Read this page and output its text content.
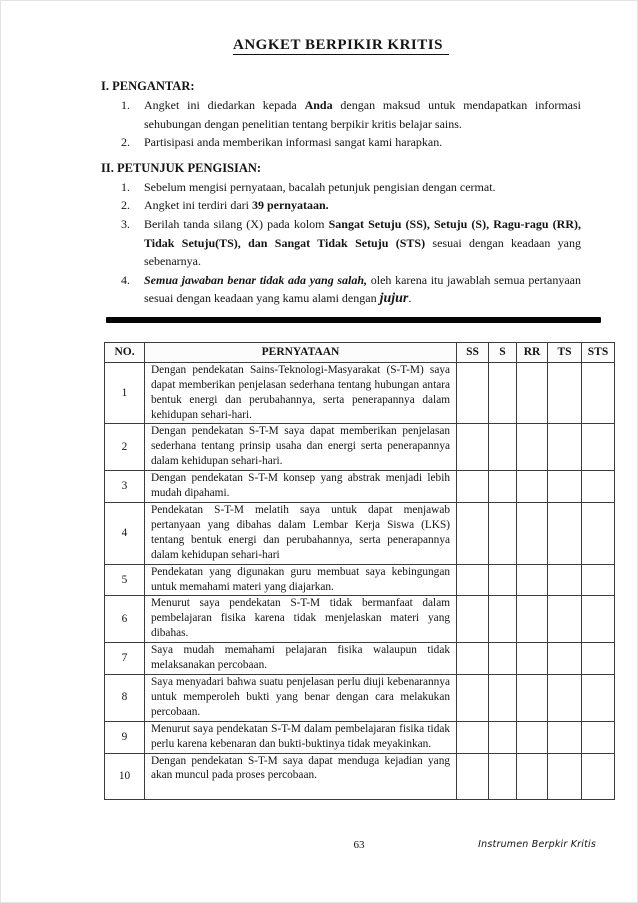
ANGKET BERPIKIR KRITIS
I. PENGANTAR:
1.	Angket ini diedarkan kepada Anda dengan maksud untuk mendapatkan informasi sehubungan dengan penelitian tentang berpikir kritis belajar sains.
2.	Partisipasi anda memberikan informasi sangat kami harapkan.
II. PETUNJUK PENGISIAN:
1.	Sebelum mengisi pernyataan, bacalah petunjuk pengisian dengan cermat.
2.	Angket ini terdiri dari 39 pernyataan.
3.	Berilah tanda silang (X) pada kolom Sangat Setuju (SS), Setuju (S), Ragu-ragu (RR), Tidak Setuju(TS), dan Sangat Tidak Setuju (STS) sesuai dengan keadaan yang sebenarnya.
4.	Semua jawaban benar tidak ada yang salah, oleh karena itu jawablah semua pertanyaan sesuai dengan keadaan yang kamu alami dengan jujur.
NO.	PERNYATAAN	SS	S	RR	TS	STS
1	Dengan pendekatan Sains-Teknologi-Masyarakat (S-T-M) saya dapat memberikan penjelasan sederhana tentang hubungan antara bentuk energi dan perubahannya, serta penerapannya dalam kehidupan sehari-hari.					
2	Dengan pendekatan S-T-M saya dapat memberikan penjelasan sederhana tentang prinsip usaha dan energi serta penerapannya dalam kehidupan sehari-hari.					
3	Dengan pendekatan S-T-M konsep yang abstrak menjadi lebih mudah dipahami.					
4	Pendekatan S-T-M melatih saya untuk dapat menjawab pertanyaan yang dibahas dalam Lembar Kerja Siswa (LKS) tentang bentuk energi dan perubahannya, serta penerapannya dalam kehidupan sehari-hari					
5	Pendekatan yang digunakan guru membuat saya kebingungan untuk memahami materi yang diajarkan.					
6	Menurut saya pendekatan S-T-M tidak bermanfaat dalam pembelajaran fisika karena tidak menjelaskan materi yang dibahas.					
7	Saya mudah memahami pelajaran fisika walaupun tidak melaksanakan percobaan.					
8	Saya menyadari bahwa suatu penjelasan perlu diuji kebenarannya untuk memperoleh bukti yang benar dengan cara melakukan percobaan.					
9	Menurut saya pendekatan S-T-M dalam pembelajaran fisika tidak perlu karena kebenaran dan bukti-buktinya tidak meyakinkan.					
10	Dengan pendekatan S-T-M saya dapat menduga kejadian yang akan muncul pada proses percobaan.					
63	Instrumen Berpkir Kritis
